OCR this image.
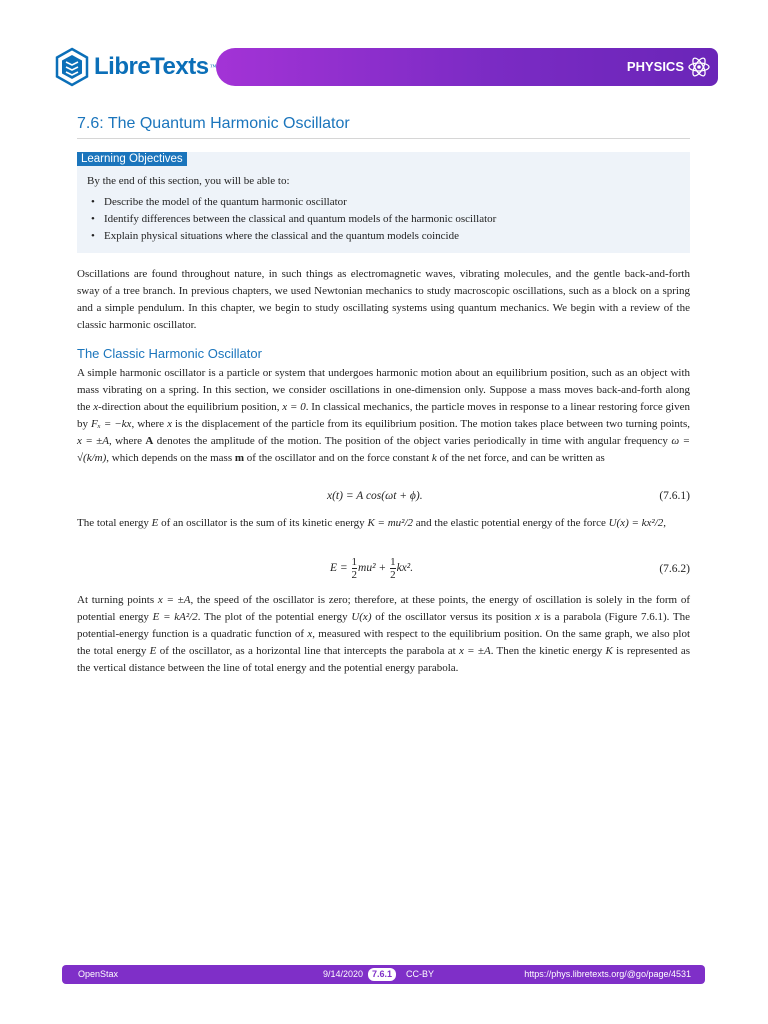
LibreTexts ™	PHYSICS
7.6: The Quantum Harmonic Oscillator
Learning Objectives
By the end of this section, you will be able to:
• Describe the model of the quantum harmonic oscillator
• Identify differences between the classical and quantum models of the harmonic oscillator
• Explain physical situations where the classical and the quantum models coincide
Oscillations are found throughout nature, in such things as electromagnetic waves, vibrating molecules, and the gentle back-and-forth sway of a tree branch. In previous chapters, we used Newtonian mechanics to study macroscopic oscillations, such as a block on a spring and a simple pendulum. In this chapter, we begin to study oscillating systems using quantum mechanics. We begin with a review of the classic harmonic oscillator.
The Classic Harmonic Oscillator
A simple harmonic oscillator is a particle or system that undergoes harmonic motion about an equilibrium position, such as an object with mass vibrating on a spring. In this section, we consider oscillations in one-dimension only. Suppose a mass moves back-and-forth along the x-direction about the equilibrium position, x = 0. In classical mechanics, the particle moves in response to a linear restoring force given by Fₓ = −kx, where x is the displacement of the particle from its equilibrium position. The motion takes place between two turning points, x = ±A, where A denotes the amplitude of the motion. The position of the object varies periodically in time with angular frequency ω = √(k/m), which depends on the mass m of the oscillator and on the force constant k of the net force, and can be written as
x(t) = A cos(ωt + ϕ).	(7.6.1)
The total energy E of an oscillator is the sum of its kinetic energy K = mu²/2 and the elastic potential energy of the force U(x) = kx²/2,
$E = \frac{1}{2} mu^2 + \frac{1}{2} kx^2$.	(7.6.2)
At turning points x = ±A, the speed of the oscillator is zero; therefore, at these points, the energy of oscillation is solely in the form of potential energy E = kA²/2. The plot of the potential energy U(x) of the oscillator versus its position x is a parabola (Figure 7.6.1). The potential-energy function is a quadratic function of x, measured with respect to the equilibrium position. On the same graph, we also plot the total energy E of the oscillator, as a horizontal line that intercepts the parabola at x = ±A. Then the kinetic energy K is represented as the vertical distance between the line of total energy and the potential energy parabola.
OpenStax	9/14/2020 7.6.1	CC-BY	https://phys.libretexts.org/@go/page/4531
